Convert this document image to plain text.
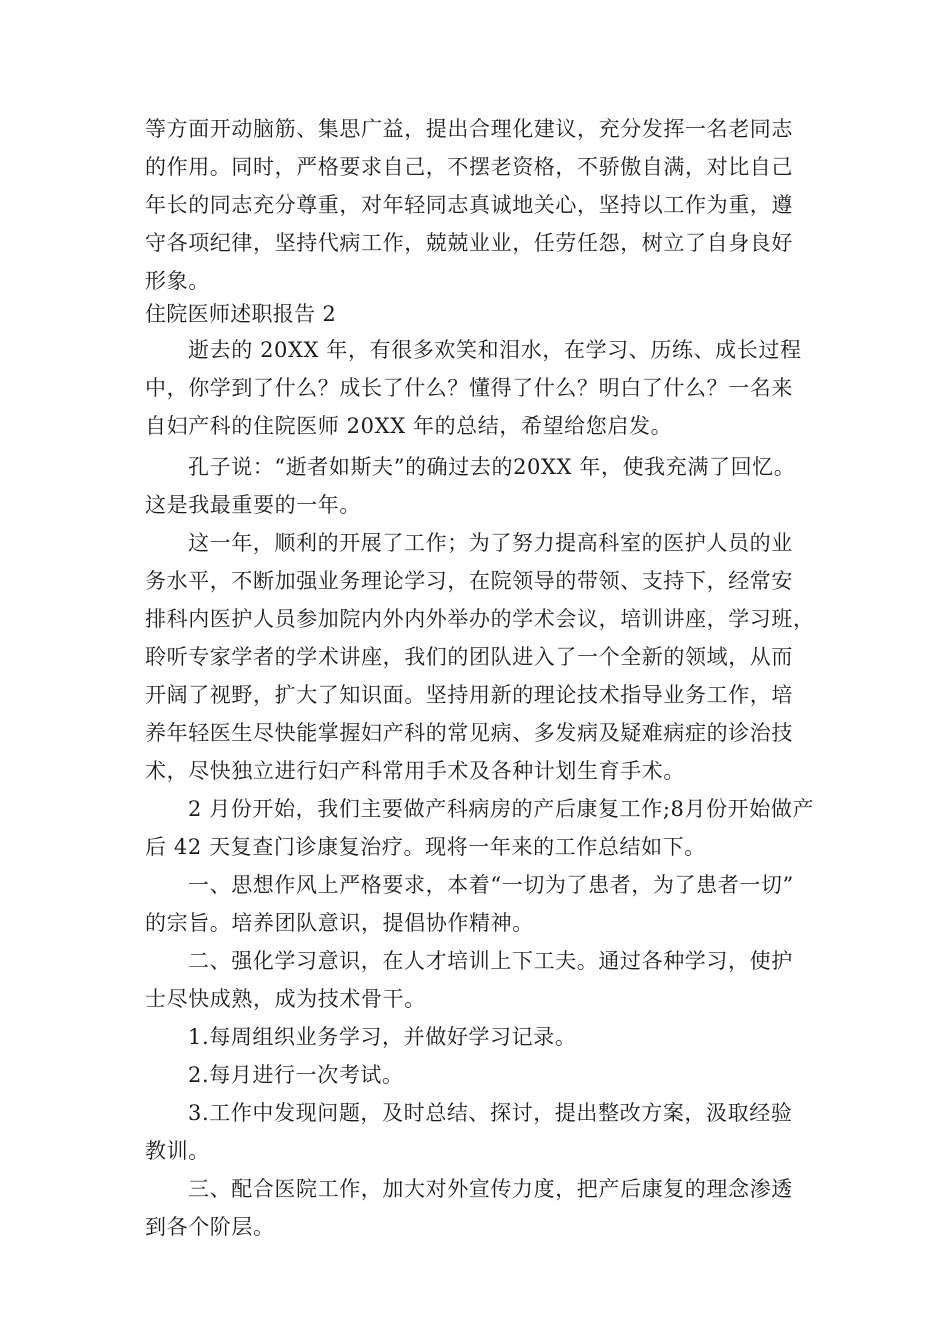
等方面开动脑筋、集思广益，提出合理化建议，充分发挥一名老同志

的作用。同时，严格要求自己，不摆老资格，不骄傲自满，对比自己

年长的同志充分尊重，对年轻同志真诚地关心，坚持以工作为重，遵

守各项纪律，坚持代病工作，兢兢业业，任劳任怨，树立了自身良好

形象。

住院医师述职报告 2

逝去的 20XX 年，有很多欢笑和泪水，在学习、历练、成长过程

中，你学到了什么？成长了什么？懂得了什么？明白了什么？一名来

自妇产科的住院医师 20XX 年的总结，希望给您启发。

孔子说：“逝者如斯夫”的确过去的20XX 年，使我充满了回忆。

这是我最重要的一年。

这一年，顺利的开展了工作；为了努力提高科室的医护人员的业

务水平，不断加强业务理论学习，在院领导的带领、支持下，经常安

排科内医护人员参加院内外内外举办的学术会议，培训讲座，学习班，

聆听专家学者的学术讲座，我们的团队进入了一个全新的领域，从而

开阔了视野，扩大了知识面。坚持用新的理论技术指导业务工作，培

养年轻医生尽快能掌握妇产科的常见病、多发病及疑难病症的诊治技

术，尽快独立进行妇产科常用手术及各种计划生育手术。

2 月份开始，我们主要做产科病房的产后康复工作;8月份开始做产

后 42 天复查门诊康复治疗。现将一年来的工作总结如下。

一、思想作风上严格要求，本着“一切为了患者，为了患者一切”

的宗旨。培养团队意识，提倡协作精神。

二、强化学习意识，在人才培训上下工夫。通过各种学习，使护

士尽快成熟，成为技术骨干。

1.每周组织业务学习，并做好学习记录。

2.每月进行一次考试。

3.工作中发现问题，及时总结、探讨，提出整改方案，汲取经验

教训。

三、配合医院工作，加大对外宣传力度，把产后康复的理念渗透

到各个阶层。
